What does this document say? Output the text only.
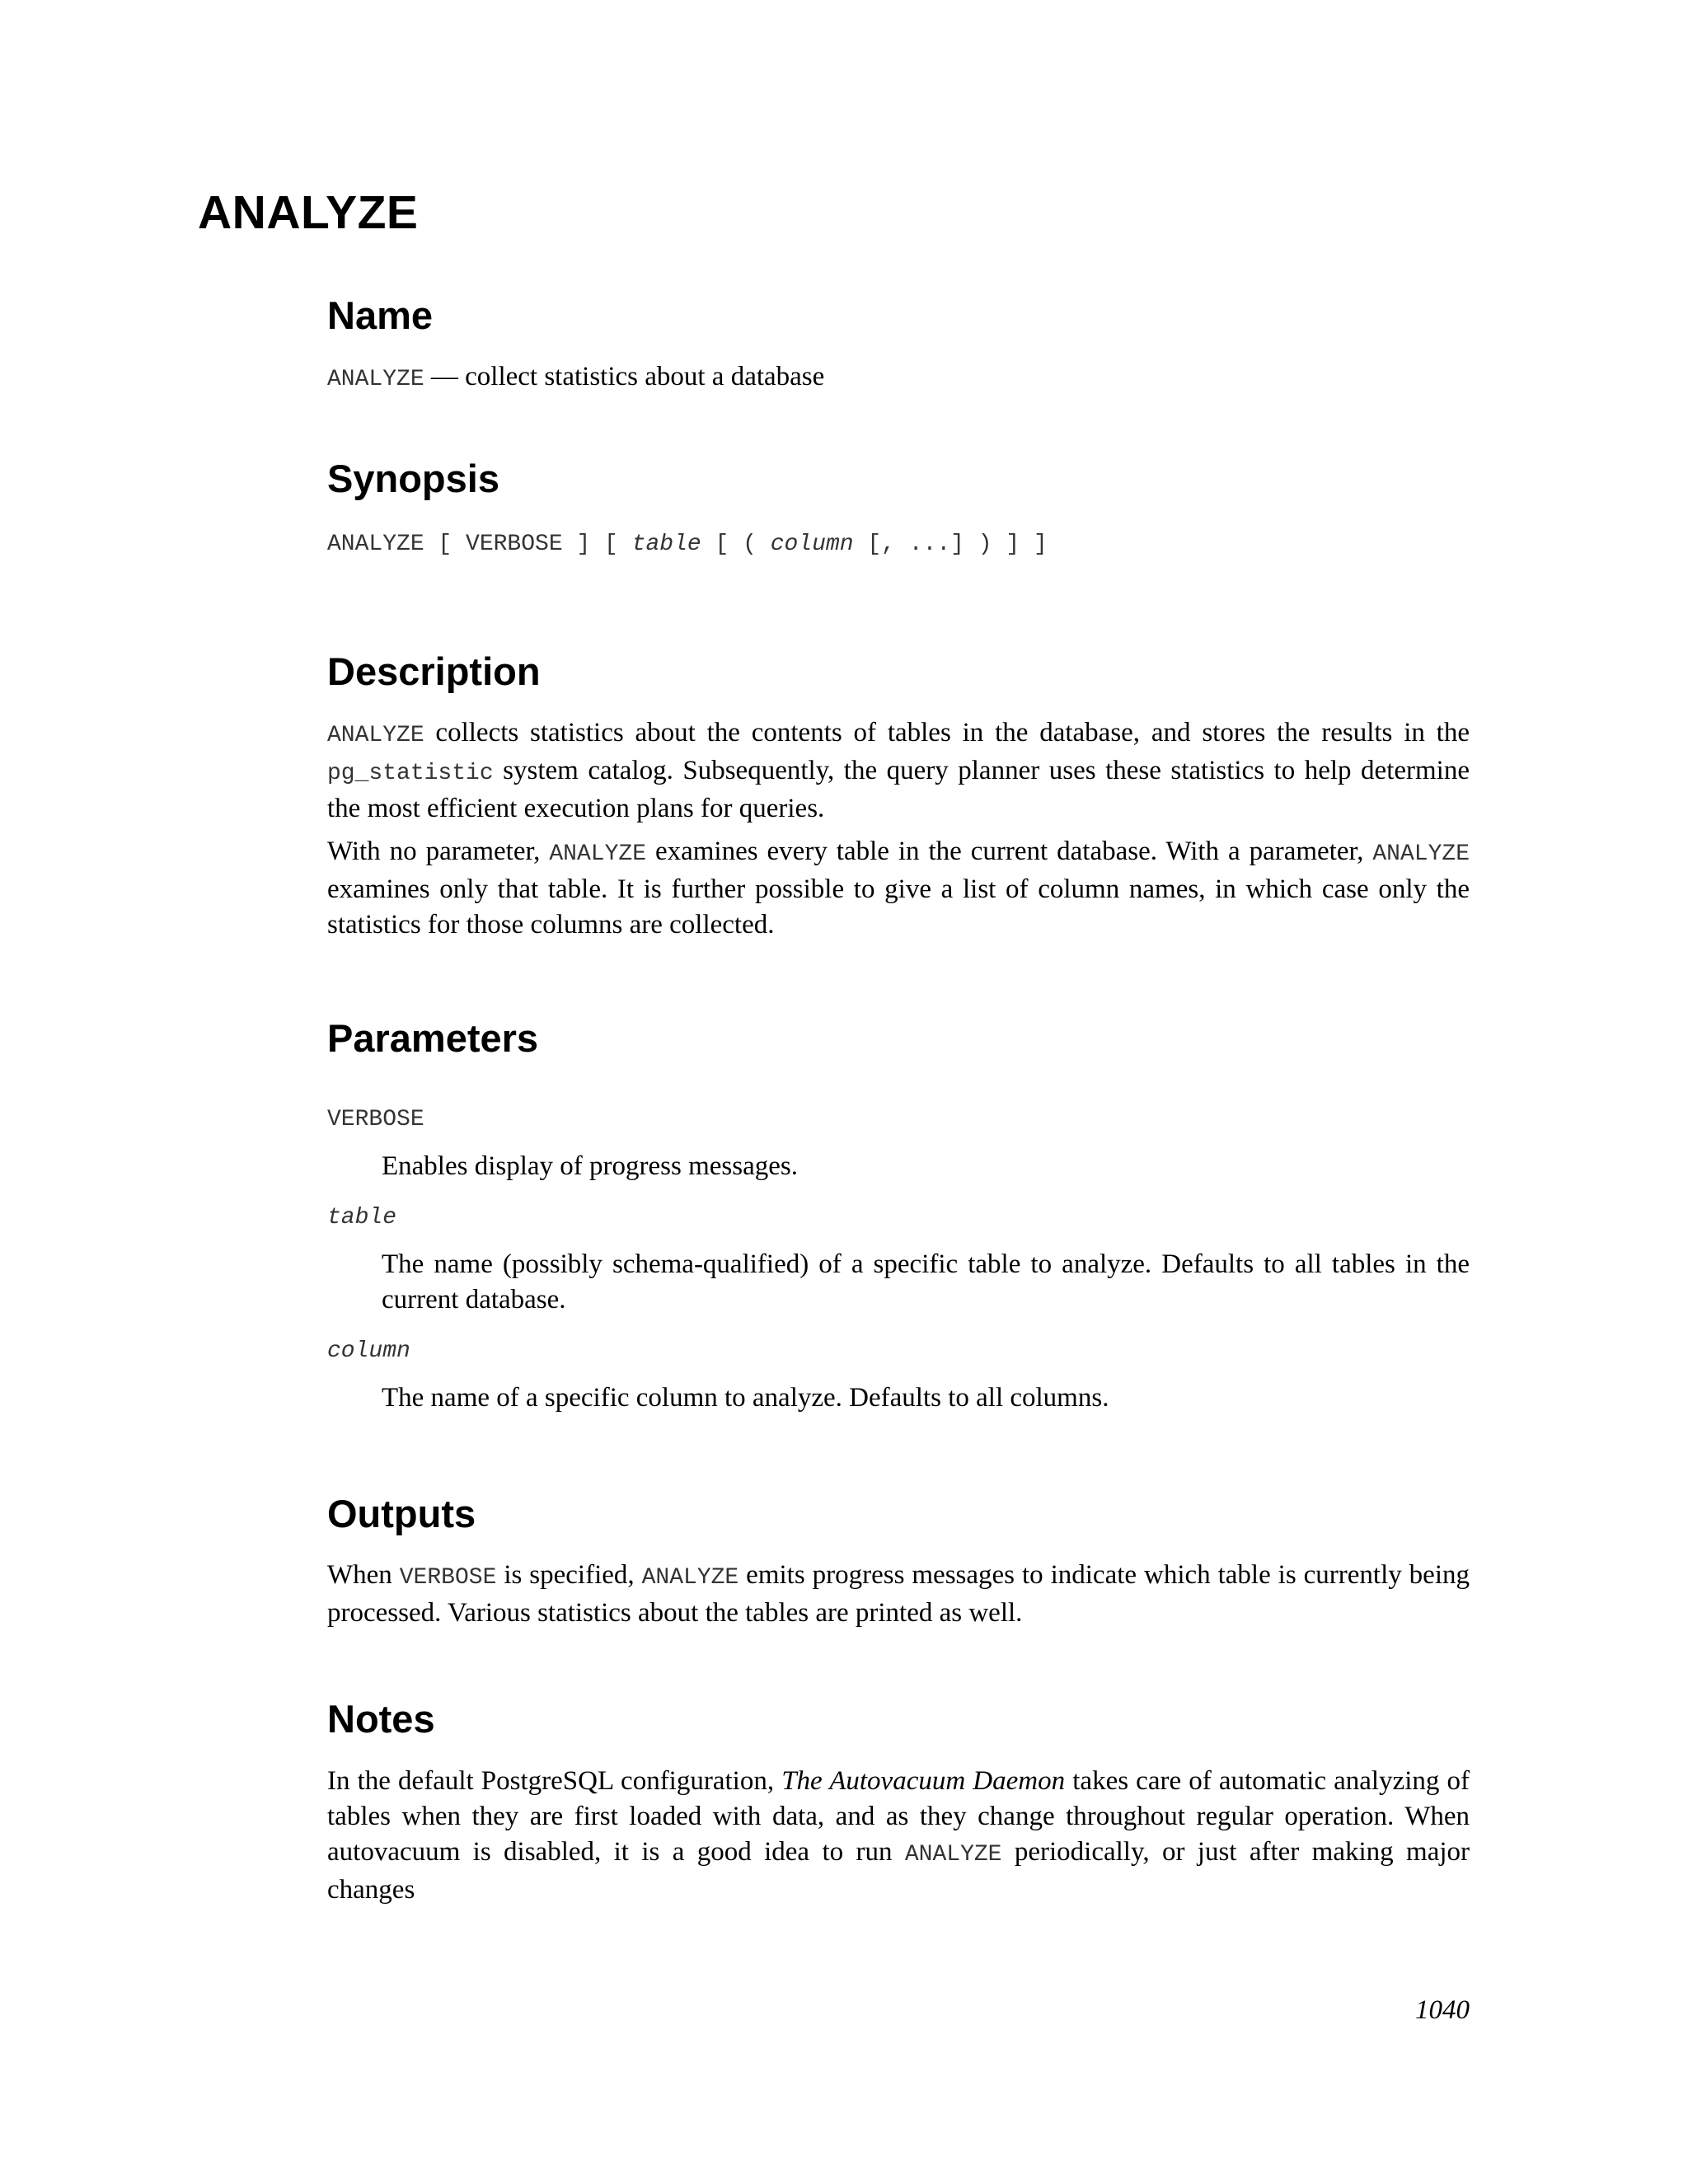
ANALYZE
Name

ANALYZE — collect statistics about a database

Synopsis

ANALYZE [ VERBOSE ] [ table [ ( column [, ...] ) ] ]

Description

ANALYZE collects statistics about the contents of tables in the database, and stores the results in the pg_statistic system catalog. Subsequently, the query planner uses these statistics to help determine the most efficient execution plans for queries.

With no parameter, ANALYZE examines every table in the current database. With a parameter, ANALYZE examines only that table. It is further possible to give a list of column names, in which case only the statistics for those columns are collected.

Parameters

VERBOSE

Enables display of progress messages.

table

The name (possibly schema-qualified) of a specific table to analyze. Defaults to all tables in the current database.

column

The name of a specific column to analyze. Defaults to all columns.

Outputs

When VERBOSE is specified, ANALYZE emits progress messages to indicate which table is currently being processed. Various statistics about the tables are printed as well.

Notes

In the default PostgreSQL configuration, The Autovacuum Daemon takes care of automatic analyzing of tables when they are first loaded with data, and as they change throughout regular operation. When autovacuum is disabled, it is a good idea to run ANALYZE periodically, or just after making major changes

1040
